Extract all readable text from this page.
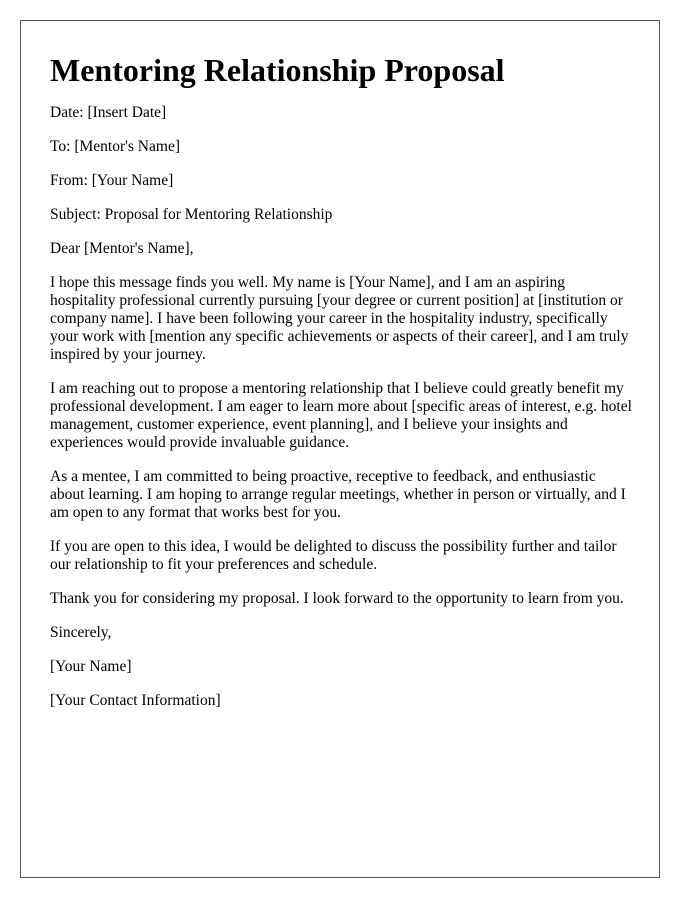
Mentoring Relationship Proposal

Date: [Insert Date]

To: [Mentor's Name]

From: [Your Name]

Subject: Proposal for Mentoring Relationship

Dear [Mentor's Name],

I hope this message finds you well. My name is [Your Name], and I am an aspiring hospitality professional currently pursuing [your degree or current position] at [institution or company name]. I have been following your career in the hospitality industry, specifically your work with [mention any specific achievements or aspects of their career], and I am truly inspired by your journey.

I am reaching out to propose a mentoring relationship that I believe could greatly benefit my professional development. I am eager to learn more about [specific areas of interest, e.g. hotel management, customer experience, event planning], and I believe your insights and experiences would provide invaluable guidance.

As a mentee, I am committed to being proactive, receptive to feedback, and enthusiastic about learning. I am hoping to arrange regular meetings, whether in person or virtually, and I am open to any format that works best for you.

If you are open to this idea, I would be delighted to discuss the possibility further and tailor our relationship to fit your preferences and schedule.

Thank you for considering my proposal. I look forward to the opportunity to learn from you.

Sincerely,

[Your Name]

[Your Contact Information]
